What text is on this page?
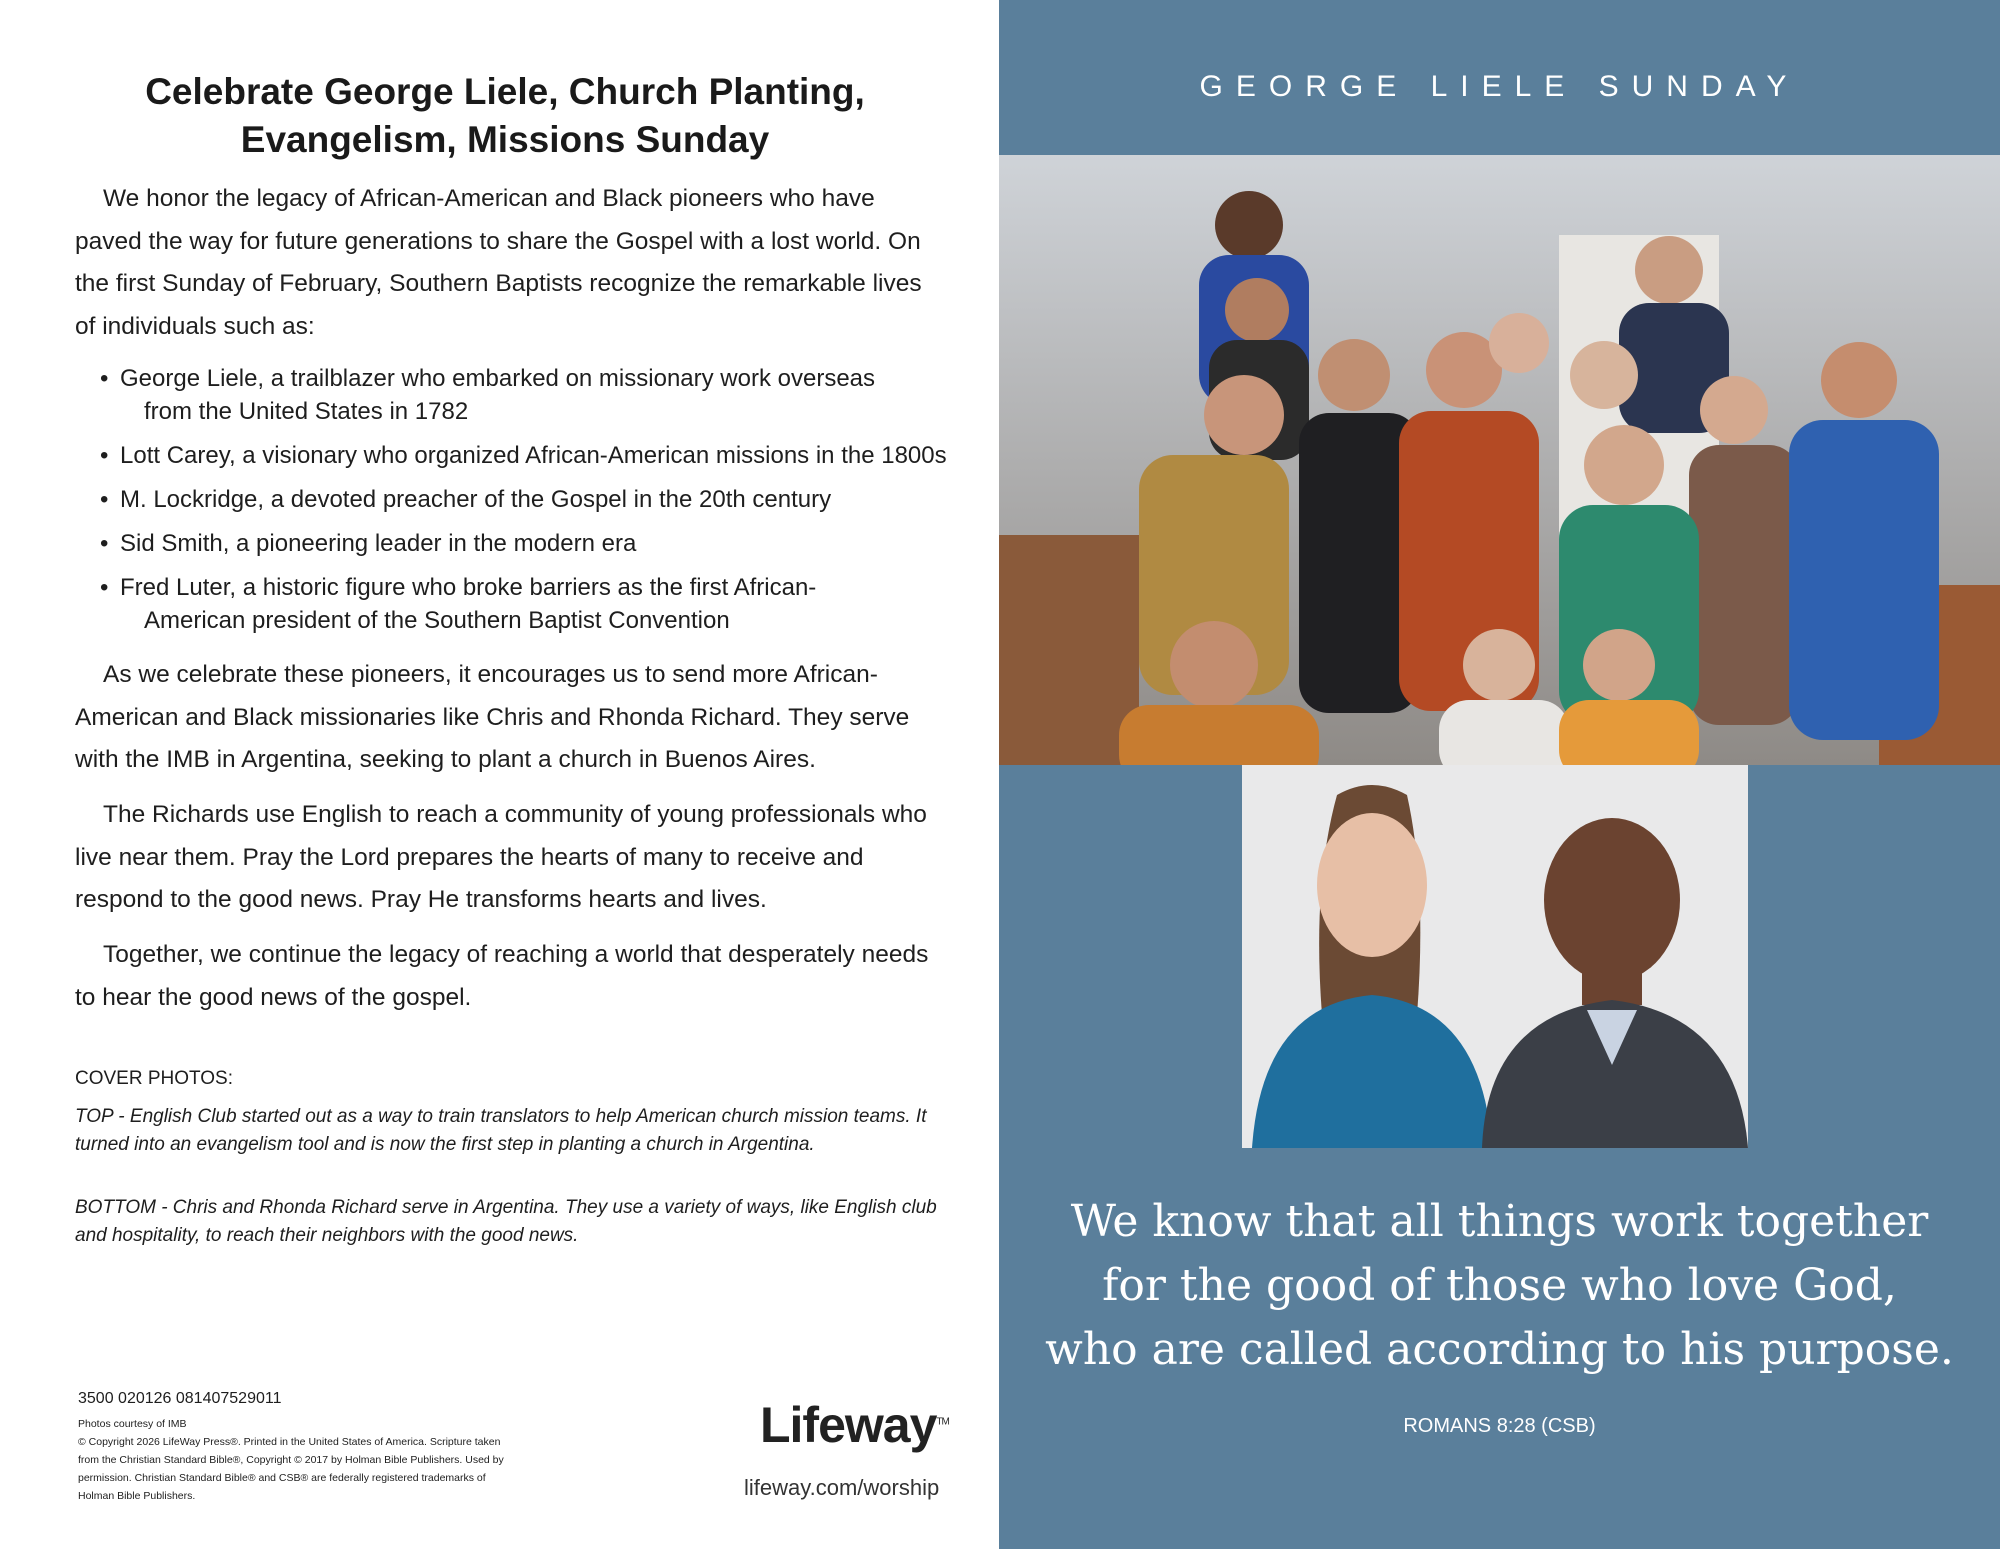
Celebrate George Liele, Church Planting,
Evangelism, Missions Sunday

We honor the legacy of African-American and Black pioneers who have paved the way for future generations to share the Gospel with a lost world. On the first Sunday of February, Southern Baptists recognize the remarkable lives of individuals such as:

• George Liele, a trailblazer who embarked on missionary work overseas
from the United States in 1782
• Lott Carey, a visionary who organized African-American missions in the 1800s
• M. Lockridge, a devoted preacher of the Gospel in the 20th century
• Sid Smith, a pioneering leader in the modern era
• Fred Luter, a historic figure who broke barriers as the first African-
American president of the Southern Baptist Convention

As we celebrate these pioneers, it encourages us to send more African-American and Black missionaries like Chris and Rhonda Richard. They serve with the IMB in Argentina, seeking to plant a church in Buenos Aires.

The Richards use English to reach a community of young professionals who live near them. Pray the Lord prepares the hearts of many to receive and respond to the good news. Pray He transforms hearts and lives.

Together, we continue the legacy of reaching a world that desperately needs to hear the good news of the gospel.

COVER PHOTOS:

TOP - English Club started out as a way to train translators to help American church mission teams. It turned into an evangelism tool and is now the first step in planting a church in Argentina.

BOTTOM - Chris and Rhonda Richard serve in Argentina. They use a variety of ways, like English club and hospitality, to reach their neighbors with the good news.

3500 020126 081407529011

Photos courtesy of IMB
© Copyright 2026 LifeWay Press®. Printed in the United States of America. Scripture taken from the Christian Standard Bible®, Copyright © 2017 by Holman Bible Publishers. Used by permission. Christian Standard Bible® and CSB® are federally registered trademarks of Holman Bible Publishers.

Lifeway™
lifeway.com/worship
GEORGE LIELE SUNDAY
We know that all things work together
for the good of those who love God,
who are called according to his purpose.
ROMANS 8:28 (CSB)
